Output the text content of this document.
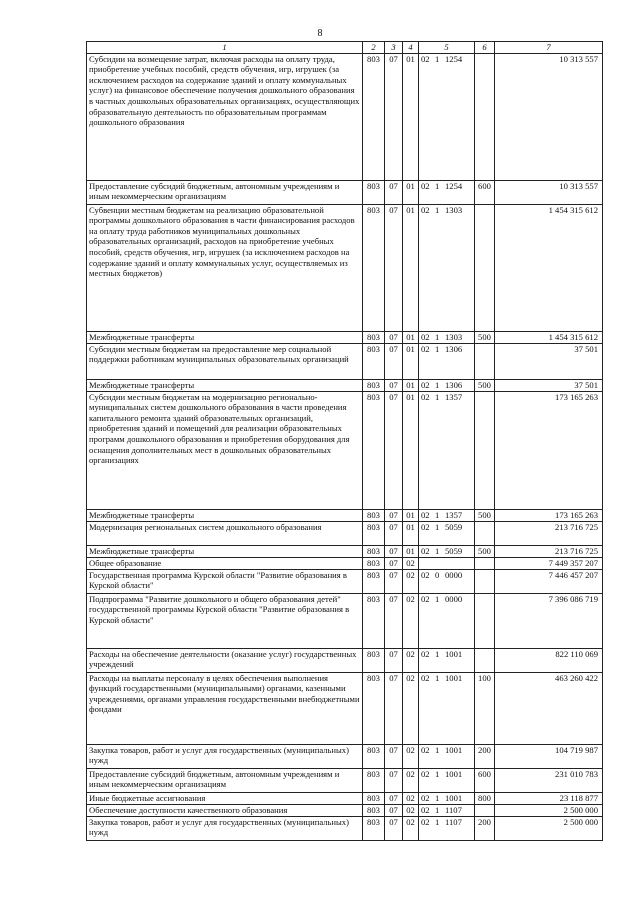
8
1	2	3	4	5	6	7
Субсидии на возмещение затрат, включая расходы на оплату труда, приобретение учебных пособий, средств обучения, игр, игрушек (за исключением расходов на содержание зданий и оплату коммунальных услуг) на финансовое обеспечение получения дошкольного образования в частных дошкольных образовательных организациях, осуществляющих образовательную деятельность по образовательным программам дошкольного образования	803	07	01	02 1 1254		10 313 557
Предоставление субсидий бюджетным, автономным учреждениям и иным некоммерческим организациям	803	07	01	02 1 1254	600	10 313 557
Субвенции местным бюджетам на реализацию образовательной программы дошкольного образования в части финансирования расходов на оплату труда работников муниципальных дошкольных образовательных организаций, расходов на приобретение учебных пособий, средств обучения, игр, игрушек (за исключением расходов на содержание зданий и оплату коммунальных услуг, осуществляемых из местных бюджетов)	803	07	01	02 1 1303		1 454 315 612
Межбюджетные трансферты	803	07	01	02 1 1303	500	1 454 315 612
Субсидии местным бюджетам на предоставление мер социальной поддержки работникам муниципальных образовательных организаций	803	07	01	02 1 1306		37 501
Межбюджетные трансферты	803	07	01	02 1 1306	500	37 501
Субсидии местным бюджетам на модернизацию регионально-муниципальных систем дошкольного образования в части проведения капитального ремонта зданий образовательных организаций, приобретения зданий и помещений для реализации образовательных программ дошкольного образования и приобретения оборудования для оснащения дополнительных мест в дошкольных образовательных организациях	803	07	01	02 1 1357		173 165 263
Межбюджетные трансферты	803	07	01	02 1 1357	500	173 165 263
Модернизация региональных систем дошкольного образования	803	07	01	02 1 5059		213 716 725
Межбюджетные трансферты	803	07	01	02 1 5059	500	213 716 725
Общее образование	803	07	02			7 449 357 207
Государственная программа Курской области "Развитие образования в Курской области"	803	07	02	02 0 0000		7 446 457 207
Подпрограмма "Развитие дошкольного и общего образования детей" государственной программы Курской области "Развитие образования в Курской области"	803	07	02	02 1 0000		7 396 086 719
Расходы на обеспечение деятельности (оказание услуг) государственных учреждений	803	07	02	02 1 1001		822 110 069
Расходы на выплаты персоналу в целях обеспечения выполнения функций государственными (муниципальными) органами, казенными учреждениями, органами управления государственными внебюджетными фондами	803	07	02	02 1 1001	100	463 260 422
Закупка товаров, работ и услуг для государственных (муниципальных) нужд	803	07	02	02 1 1001	200	104 719 987
Предоставление субсидий бюджетным, автономным учреждениям и иным некоммерческим организациям	803	07	02	02 1 1001	600	231 010 783
Иные бюджетные ассигнования	803	07	02	02 1 1001	800	23 118 877
Обеспечение доступности качественного образования	803	07	02	02 1 1107		2 500 000
Закупка товаров, работ и услуг для государственных (муниципальных) нужд	803	07	02	02 1 1107	200	2 500 000
